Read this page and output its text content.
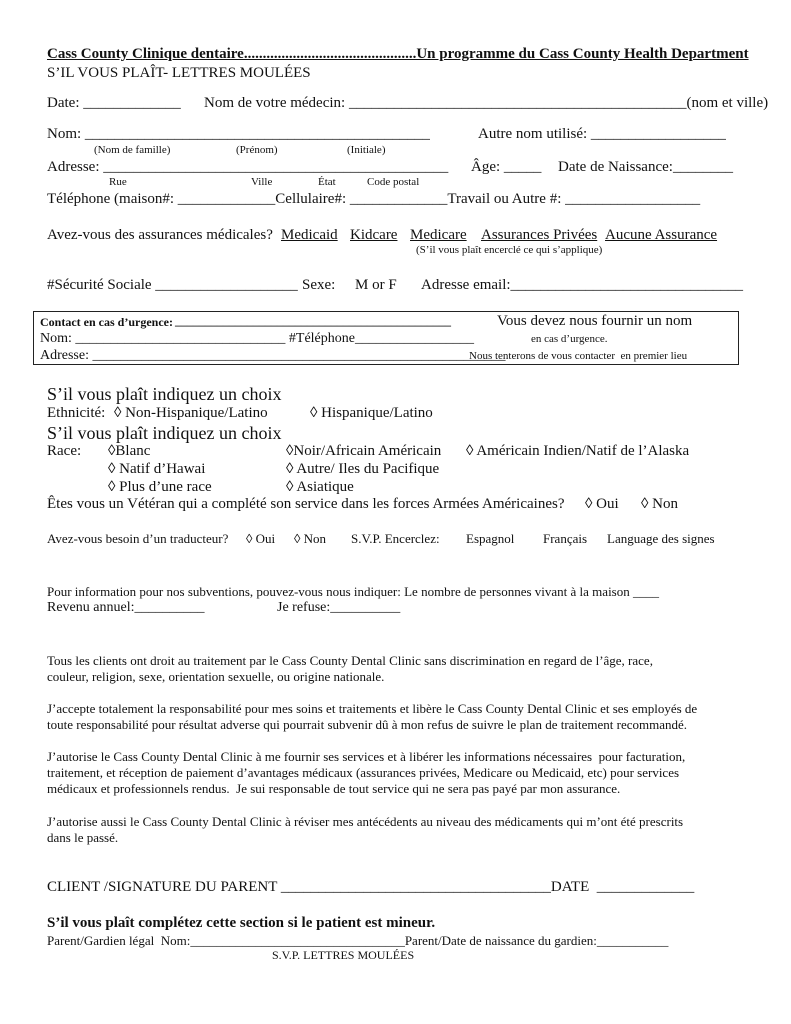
Cass County Clinique dentaire..............................................Un programme du Cass County Health Department
S’IL VOUS PLAÎT- LETTRES MOULÉES
Date: _____________ Nom de votre médecin: _____________________________________________(nom et ville)
Nom: ______________________________________________	Autre nom utilisé: __________________
(Nom de famille)	(Prénom)	(Initiale)
Adresse: ______________________________________________ Âge: _____ Date de Naissance:________
Rue	Ville	État	Code postal
Téléphone (maison#: _____________Cellulaire#: _____________Travail ou Autre #: __________________
Avez-vous des assurances médicales? Medicaid Kidcare Medicare Assurances Privées Aucune Assurance
(S’il vous plaît encerclé ce qui s’applique)
#Sécurité Sociale ___________________ Sexe: M or F Adresse email:_______________________________
Contact en cas d’urgence: ______________________________________________	Vous devez nous fournir un nom
Nom: ______________________________ #Téléphone_________________	en cas d’urgence.
Adresse: ___________________________________________________________
Nous tenterons de vous contacter  en premier lieu
S’il vous plaît indiquez un choix
Ethnicité: ◊ Non-Hispanique/Latino	◊ Hispanique/Latino
S’il vous plaît indiquez un choix
Race: ◊Blanc	◊Noir/Africain Américain ◊ Américain Indien/Natif de l’Alaska
◊ Natif d’Hawai	◊ Autre/ Iles du Pacifique
◊ Plus d’une race	◊ Asiatique
Êtes vous un Vétéran qui a complété son service dans les forces Armées Américaines? ◊ Oui ◊ Non
Avez-vous besoin d’un traducteur? ◊ Oui ◊ Non S.V.P. Encerclez: Espagnol Français Language des signes
Pour information pour nos subventions, pouvez-vous nous indiquer: Le nombre de personnes vivant à la maison ____
Revenu annuel:__________	Je refuse:__________
Tous les clients ont droit au traitement par le Cass County Dental Clinic sans discrimination en regard de l’âge, race,
couleur, religion, sexe, orientation sexuelle, ou origine nationale.
J’accepte totalement la responsabilité pour mes soins et traitements et libère le Cass County Dental Clinic et ses employés de
toute responsabilité pour résultat adverse qui pourrait subvenir dû à mon refus de suivre le plan de traitement recommandé.
J’autorise le Cass County Dental Clinic à me fournir ses services et à libérer les informations nécessaires  pour facturation,
traitement, et réception de paiement d’avantages médicaux (assurances privées, Medicare ou Medicaid, etc) pour services
médicaux et professionnels rendus.  Je sui responsable de tout service qui ne sera pas payé par mon assurance.
J’autorise aussi le Cass County Dental Clinic à réviser mes antécédents au niveau des médicaments qui m’ont été prescrits
dans le passé.
CLIENT /SIGNATURE DU PARENT ____________________________________DATE  _____________
S’il vous plaît complétez cette section si le patient est mineur.
Parent/Gardien légal  Nom:_________________________________Parent/Date de naissance du gardien:___________
S.V.P. LETTRES MOULÉES
